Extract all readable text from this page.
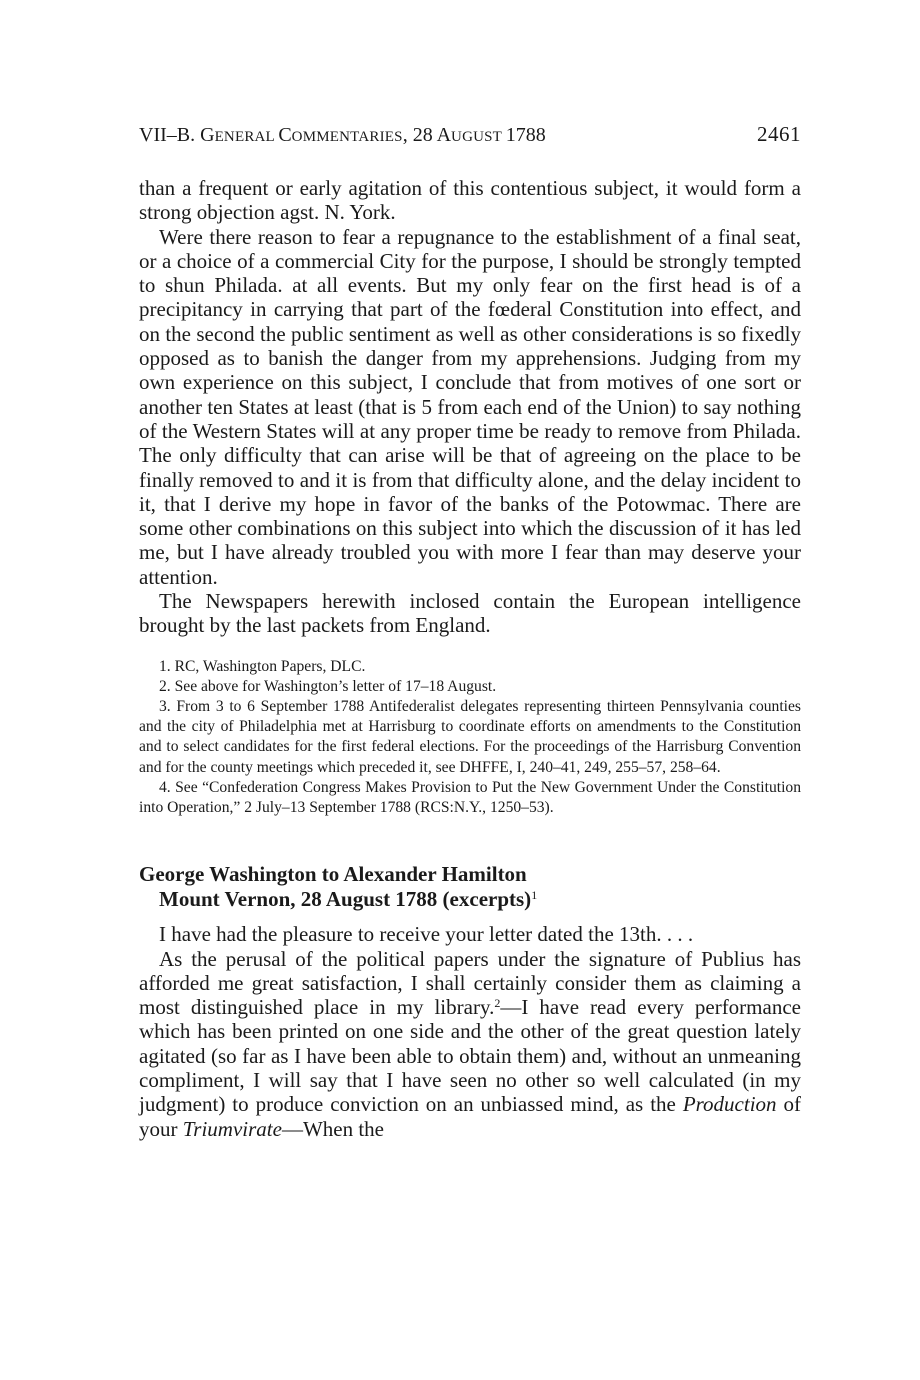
VII–B. GENERAL COMMENTARIES, 28 AUGUST 1788	2461

than a frequent or early agitation of this contentious subject, it would form a strong objection agst. N. York.

Were there reason to fear a repugnance to the establishment of a final seat, or a choice of a commercial City for the purpose, I should be strongly tempted to shun Philada. at all events. But my only fear on the first head is of a precipitancy in carrying that part of the fœderal Constitution into effect, and on the second the public sentiment as well as other considerations is so fixedly opposed as to banish the danger from my apprehensions. Judging from my own experience on this subject, I conclude that from motives of one sort or another ten States at least (that is 5 from each end of the Union) to say nothing of the Western States will at any proper time be ready to remove from Philada. The only difficulty that can arise will be that of agreeing on the place to be finally removed to and it is from that difficulty alone, and the delay incident to it, that I derive my hope in favor of the banks of the Potowmac. There are some other combinations on this subject into which the discussion of it has led me, but I have already troubled you with more I fear than may deserve your attention.

The Newspapers herewith inclosed contain the European intelligence brought by the last packets from England.

1. RC, Washington Papers, DLC.

2. See above for Washington’s letter of 17–18 August.

3. From 3 to 6 September 1788 Antifederalist delegates representing thirteen Pennsylvania counties and the city of Philadelphia met at Harrisburg to coordinate efforts on amendments to the Constitution and to select candidates for the first federal elections. For the proceedings of the Harrisburg Convention and for the county meetings which preceded it, see DHFFE, I, 240–41, 249, 255–57, 258–64.

4. See “Confederation Congress Makes Provision to Put the New Government Under the Constitution into Operation,” 2 July–13 September 1788 (RCS:N.Y., 1250–53).

George Washington to Alexander Hamilton
Mount Vernon, 28 August 1788 (excerpts)$^1$

I have had the pleasure to receive your letter dated the 13th. . . .

As the perusal of the political papers under the signature of Publius has afforded me great satisfaction, I shall certainly consider them as claiming a most distinguished place in my library.$^2$—I have read every performance which has been printed on one side and the other of the great question lately agitated (so far as I have been able to obtain them) and, without an unmeaning compliment, I will say that I have seen no other so well calculated (in my judgment) to produce conviction on an unbiassed mind, as the Production of your Triumvirate—When the
